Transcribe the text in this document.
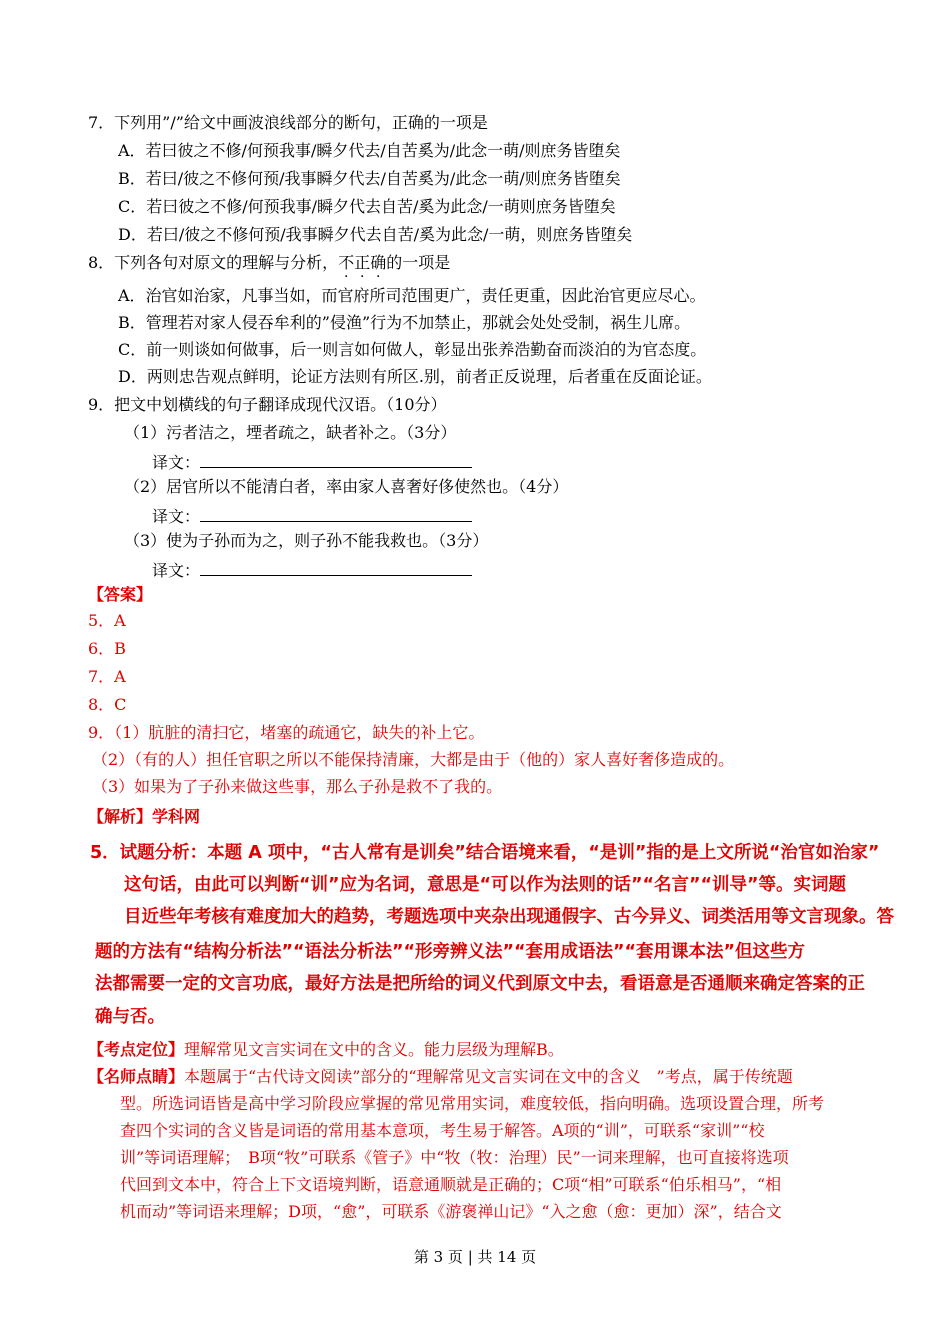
7．下列用”/”给文中画波浪线部分的断句，正确的一项是
A．若曰彼之不修/何预我事/瞬夕代去/自苦奚为/此念一萌/则庶务皆堕矣
B．若曰/彼之不修何预/我事瞬夕代去/自苦奚为/此念一萌/则庶务皆堕矣
C．若曰彼之不修/何预我事/瞬夕代去自苦/奚为此念/一萌则庶务皆堕矣
D．若曰/彼之不修何预/我事瞬夕代去自苦/奚为此念/一萌，则庶务皆堕矣
8．下列各句对原文的理解与分析，不正确的一项是
A．治官如治家，凡事当如，而官府所司范围更广，责任更重，因此治官更应尽心。
B．管理若对家人侵吞牟利的”侵渔”行为不加禁止，那就会处处受制，祸生儿席。
C．前一则谈如何做事，后一则言如何做人，彰显出张养浩勤奋而淡泊的为官态度。
D．两则忠告观点鲜明，论证方法则有所区.别，前者正反说理，后者重在反面论证。
9．把文中划横线的句子翻译成现代汉语。（10分）
（1）污者洁之，堙者疏之，缺者补之。（3分）
译文：
（2）居官所以不能清白者，率由家人喜奢好侈使然也。（4分）
译文：
（3）使为子孙而为之，则子孙不能我救也。（3分）
译文：
【答案】
5．A
6．B
7．A
8．C
9．（1）肮脏的清扫它，堵塞的疏通它，缺失的补上它。
（2）（有的人）担任官职之所以不能保持清廉，大都是由于（他的）家人喜好奢侈造成的。
（3）如果为了子孙来做这些事，那么子孙是救不了我的。
【解析】学科网
5．试题分析：本题 A 项中，“古人常有是训矣”结合语境来看，“是训”指的是上文所说“治官如治家”
这句话，由此可以判断“训”应为名词，意思是“可以作为法则的话”“名言”“训导”等。实词题
目近些年考核有难度加大的趋势，考题选项中夹杂出现通假字、古今异义、词类活用等文言现象。答
题的方法有“结构分析法”“语法分析法”“形旁辨义法”“套用成语法”“套用课本法”但这些方
法都需要一定的文言功底，最好方法是把所给的词义代到原文中去，看语意是否通顺来确定答案的正
确与否。
【考点定位】理解常见文言实词在文中的含义。能力层级为理解B。
【名师点睛】本题属于“古代诗文阅读”部分的“理解常见文言实词在文中的含义　”考点，属于传统题
型。所选词语皆是高中学习阶段应掌握的常见常用实词，难度较低，指向明确。选项设置合理，所考
查四个实词的含义皆是词语的常用基本意项，考生易于解答。A项的“训”，可联系“家训”“校
训”等词语理解；　B项“牧”可联系《管子》中“牧（牧：治理）民”一词来理解，也可直接将选项
代回到文本中，符合上下文语境判断，语意通顺就是正确的；C项“相”可联系“伯乐相马”，“相
机而动”等词语来理解；D项，“愈”，可联系《游褒禅山记》“入之愈（愈：更加）深”，结合文
第 3 页 | 共 14 页
